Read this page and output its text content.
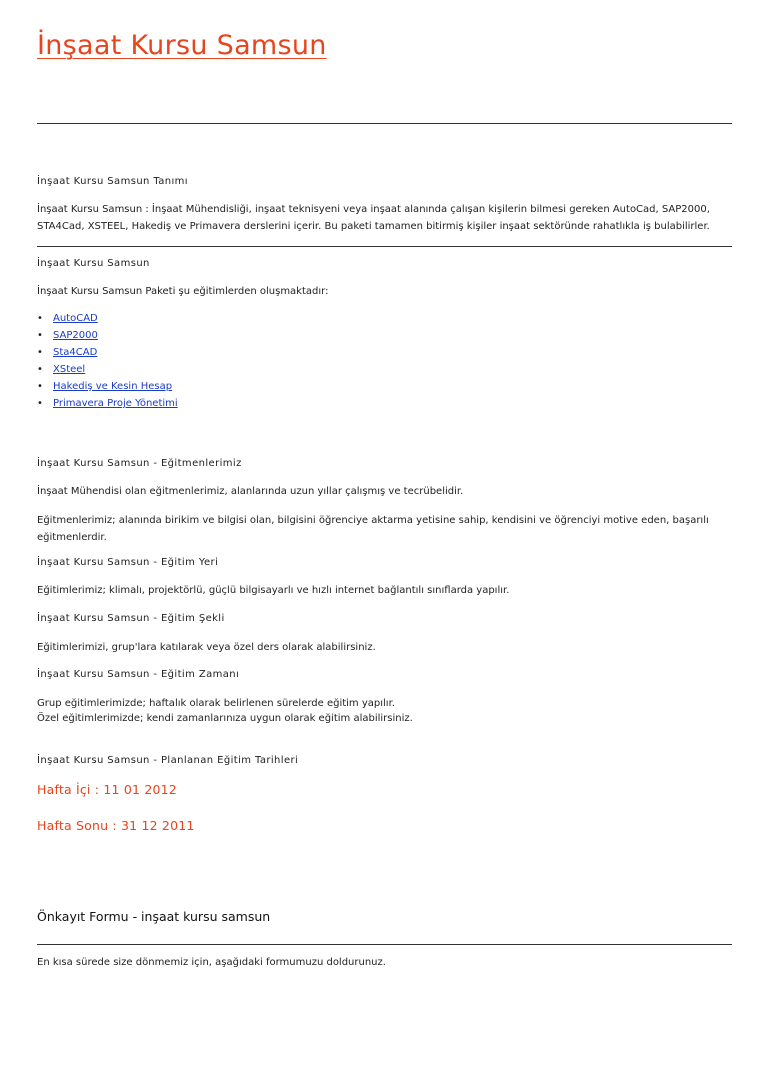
İnşaat Kursu Samsun
İnşaat Kursu Samsun Tanımı
İnşaat Kursu Samsun : İnşaat Mühendisliği, inşaat teknisyeni veya inşaat alanında çalışan kişilerin bilmesi gereken AutoCad, SAP2000, STA4Cad, XSTEEL, Hakediş ve Primavera derslerini içerir. Bu paketi tamamen bitirmiş kişiler inşaat sektöründe rahatlıkla iş bulabilirler.
İnşaat Kursu Samsun
İnşaat Kursu Samsun Paketi şu eğitimlerden oluşmaktadır:
• AutoCAD
• SAP2000
• Sta4CAD
• XSteel
• Hakediş ve Kesin Hesap
• Primavera Proje Yönetimi
İnşaat Kursu Samsun - Eğitmenlerimiz
İnşaat Mühendisi olan eğitmenlerimiz, alanlarında uzun yıllar çalışmış ve tecrübelidir.
Eğitmenlerimiz; alanında birikim ve bilgisi olan, bilgisini öğrenciye aktarma yetisine sahip, kendisini ve öğrenciyi motive eden, başarılı eğitmenlerdir.
İnşaat Kursu Samsun - Eğitim Yeri
Eğitimlerimiz; klimalı, projektörlü, güçlü bilgisayarlı ve hızlı internet bağlantılı sınıflarda yapılır.
İnşaat Kursu Samsun - Eğitim Şekli
Eğitimlerimizi, grup'lara katılarak veya özel ders olarak alabilirsiniz.
İnşaat Kursu Samsun - Eğitim Zamanı
Grup eğitimlerimizde; haftalık olarak belirlenen sürelerde eğitim yapılır.
Özel eğitimlerimizde; kendi zamanlarınıza uygun olarak eğitim alabilirsiniz.
İnşaat Kursu Samsun - Planlanan Eğitim Tarihleri
Hafta İçi : 11 01 2012
Hafta Sonu : 31 12 2011
Önkayıt Formu - inşaat kursu samsun
En kısa sürede size dönmemiz için, aşağıdaki formumuzu doldurunuz.
